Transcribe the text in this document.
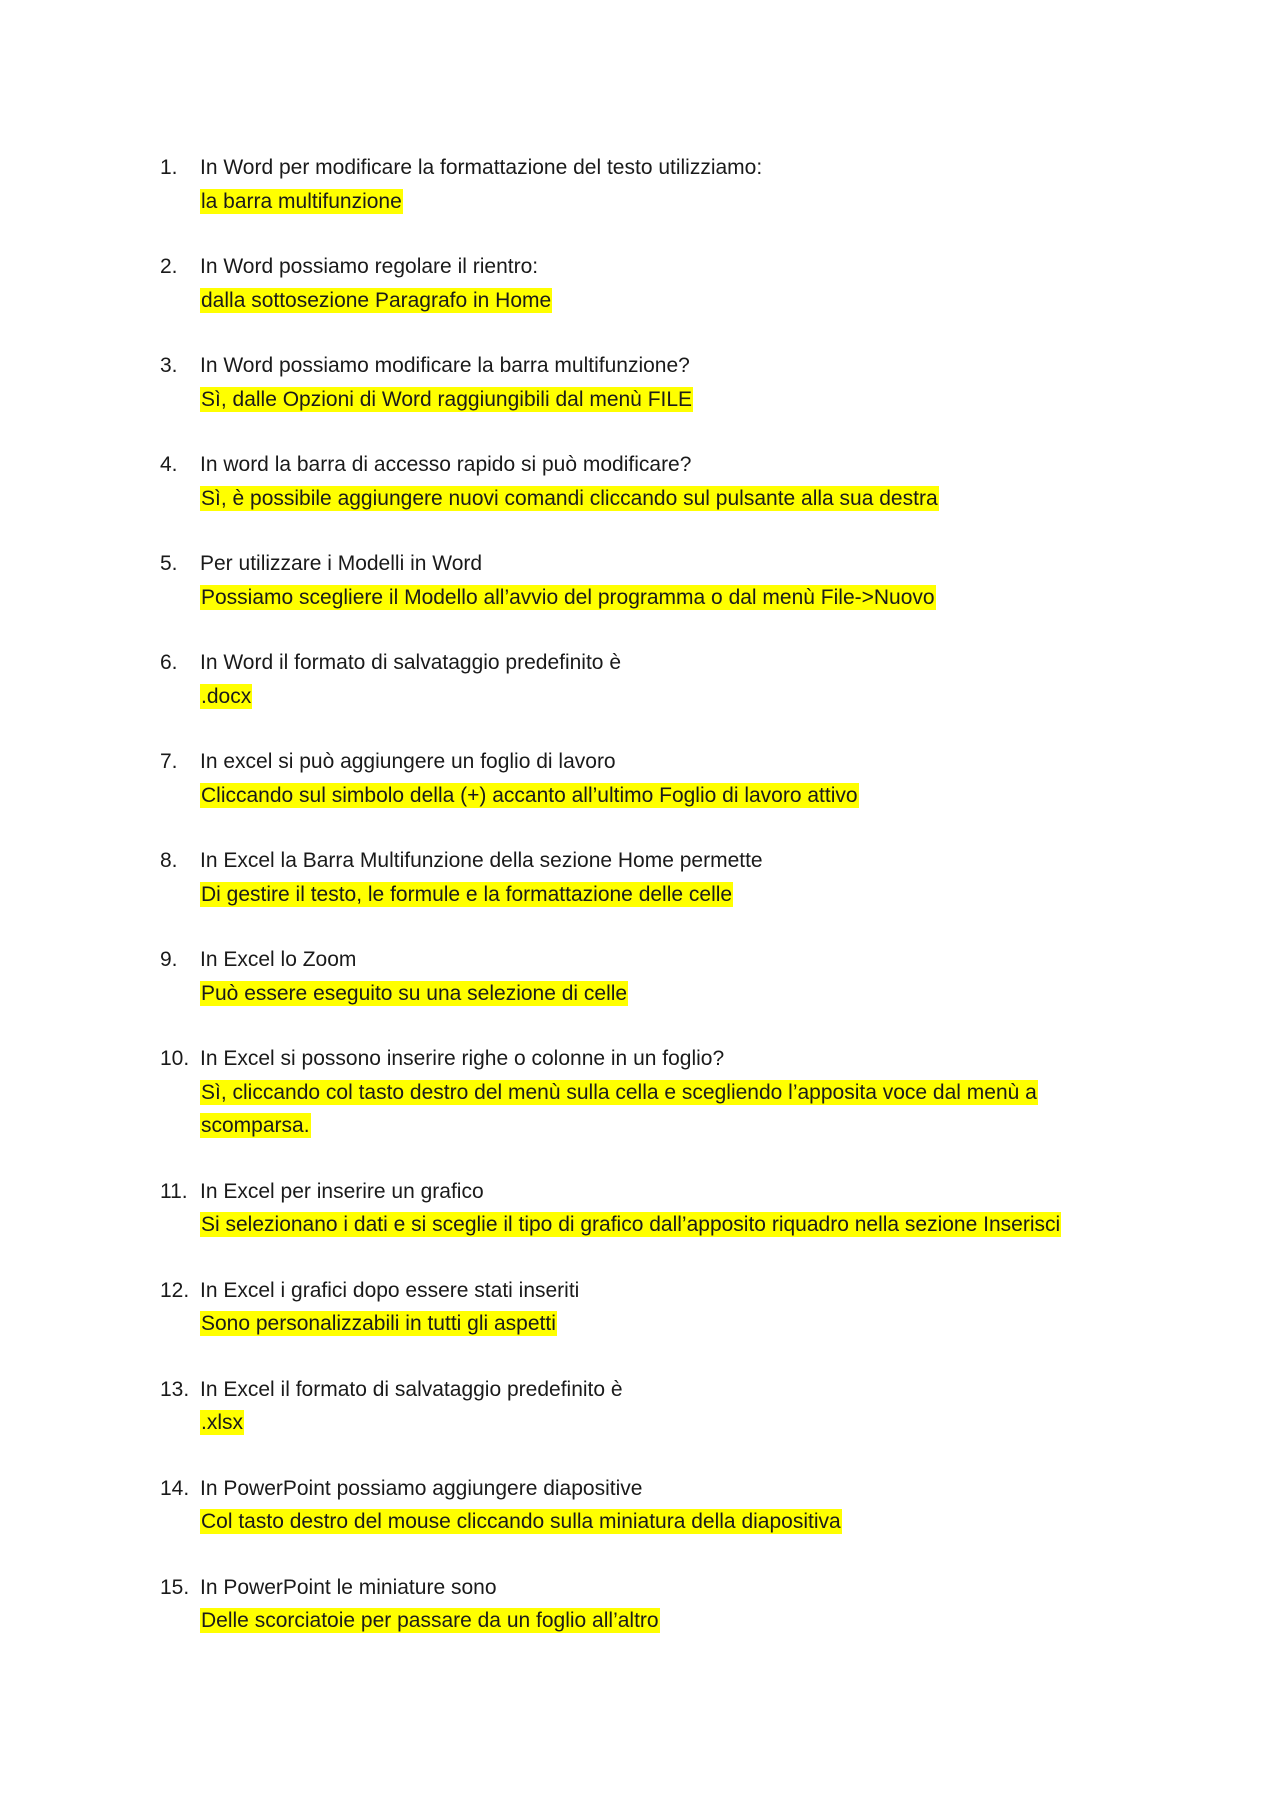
1.	In Word per modificare la formattazione del testo utilizziamo:
la barra multifunzione
2.	In Word possiamo regolare il rientro:
dalla sottosezione Paragrafo in Home
3.	In Word possiamo modificare la barra multifunzione?
Sì, dalle Opzioni di Word raggiungibili dal menù FILE
4.	In word la barra di accesso rapido si può modificare?
Sì, è possibile aggiungere nuovi comandi cliccando sul pulsante alla sua destra
5.	Per utilizzare i Modelli in Word
Possiamo scegliere il Modello all’avvio del programma o dal menù File->Nuovo
6.	In Word il formato di salvataggio predefinito è
.docx
7.	In excel si può aggiungere un foglio di lavoro
Cliccando sul simbolo della (+) accanto all’ultimo Foglio di lavoro attivo
8.	In Excel la Barra Multifunzione della sezione Home permette
Di gestire il testo, le formule e la formattazione delle celle
9.	In Excel lo Zoom
Può essere eseguito su una selezione di celle
10. In Excel si possono inserire righe o colonne in un foglio?
Sì, cliccando col tasto destro del menù sulla cella e scegliendo l’apposita voce dal menù a scomparsa.
11. In Excel per inserire un grafico
Si selezionano i dati e si sceglie il tipo di grafico dall’apposito riquadro nella sezione Inserisci
12. In Excel i grafici dopo essere stati inseriti
Sono personalizzabili in tutti gli aspetti
13. In Excel il formato di salvataggio predefinito è
.xlsx
14. In PowerPoint possiamo aggiungere diapositive
Col tasto destro del mouse cliccando sulla miniatura della diapositiva
15. In PowerPoint le miniature sono
Delle scorciatoie per passare da un foglio all’altro
